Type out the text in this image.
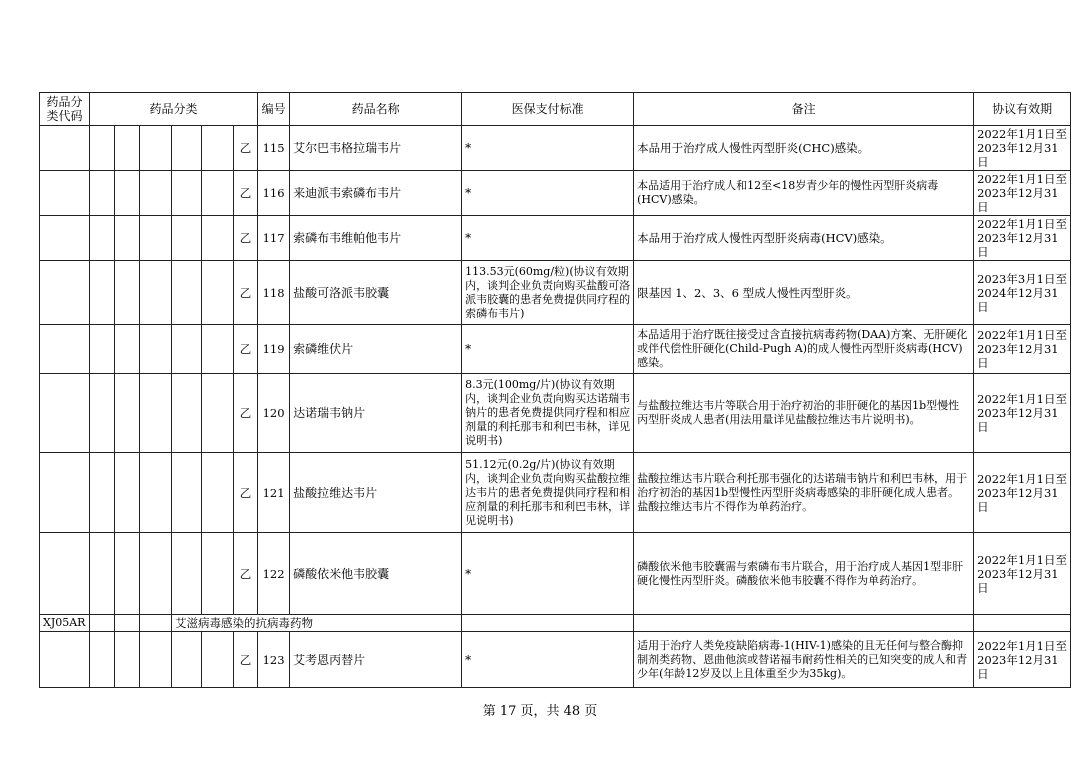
药品分类代码	药品分类						编号	药品名称	医保支付标准	备注	协议有效期
						乙	115	艾尔巴韦格拉瑞韦片	*	本品用于治疗成人慢性丙型肝炎(CHC)感染。	2022年1月1日至
2023年12月31日
						乙	116	来迪派韦索磷布韦片	*	本品适用于治疗成人和12至<18岁青少年的慢性丙型肝炎病毒(HCV)感染。	2022年1月1日至
2023年12月31日
						乙	117	索磷布韦维帕他韦片	*	本品用于治疗成人慢性丙型肝炎病毒(HCV)感染。	2022年1月1日至
2023年12月31日
						乙	118	盐酸可洛派韦胶囊	113.53元(60mg/粒)(协议有效期内，谈判企业负责向购买盐酸可洛派韦胶囊的患者免费提供同疗程的索磷布韦片)	限基因 1、2、3、6 型成人慢性丙型肝炎。	2023年3月1日至
2024年12月31日
						乙	119	索磷维伏片	*	本品适用于治疗既往接受过含直接抗病毒药物(DAA)方案、无肝硬化或伴代偿性肝硬化(Child-Pugh A)的成人慢性丙型肝炎病毒(HCV)感染。	2022年1月1日至
2023年12月31日
						乙	120	达诺瑞韦钠片	8.3元(100mg/片)(协议有效期内，谈判企业负责向购买达诺瑞韦钠片的患者免费提供同疗程和相应剂量的利托那韦和利巴韦林，详见说明书)	与盐酸拉维达韦片等联合用于治疗初治的非肝硬化的基因1b型慢性丙型肝炎成人患者(用法用量详见盐酸拉维达韦片说明书)。	2022年1月1日至
2023年12月31日
						乙	121	盐酸拉维达韦片	51.12元(0.2g/片)(协议有效期内，谈判企业负责向购买盐酸拉维达韦片的患者免费提供同疗程和相应剂量的利托那韦和利巴韦林，详见说明书)	盐酸拉维达韦片联合利托那韦强化的达诺瑞韦钠片和利巴韦林，用于治疗初治的基因1b型慢性丙型肝炎病毒感染的非肝硬化成人患者。盐酸拉维达韦片不得作为单药治疗。	2022年1月1日至
2023年12月31日
						乙	122	磷酸依米他韦胶囊	*	磷酸依米他韦胶囊需与索磷布韦片联合，用于治疗成人基因1型非肝硬化慢性丙型肝炎。磷酸依米他韦胶囊不得作为单药治疗。	2022年1月1日至
2023年12月31日
XJ05AR				艾滋病毒感染的抗病毒药物							
						乙	123	艾考恩丙替片	*	适用于治疗人类免疫缺陷病毒-1(HIV-1)感染的且无任何与整合酶抑制剂类药物、恩曲他滨或替诺福韦耐药性相关的已知突变的成人和青少年(年龄12岁及以上且体重至少为35kg)。	2022年1月1日至
2023年12月31日
第 17 页，共 48 页
